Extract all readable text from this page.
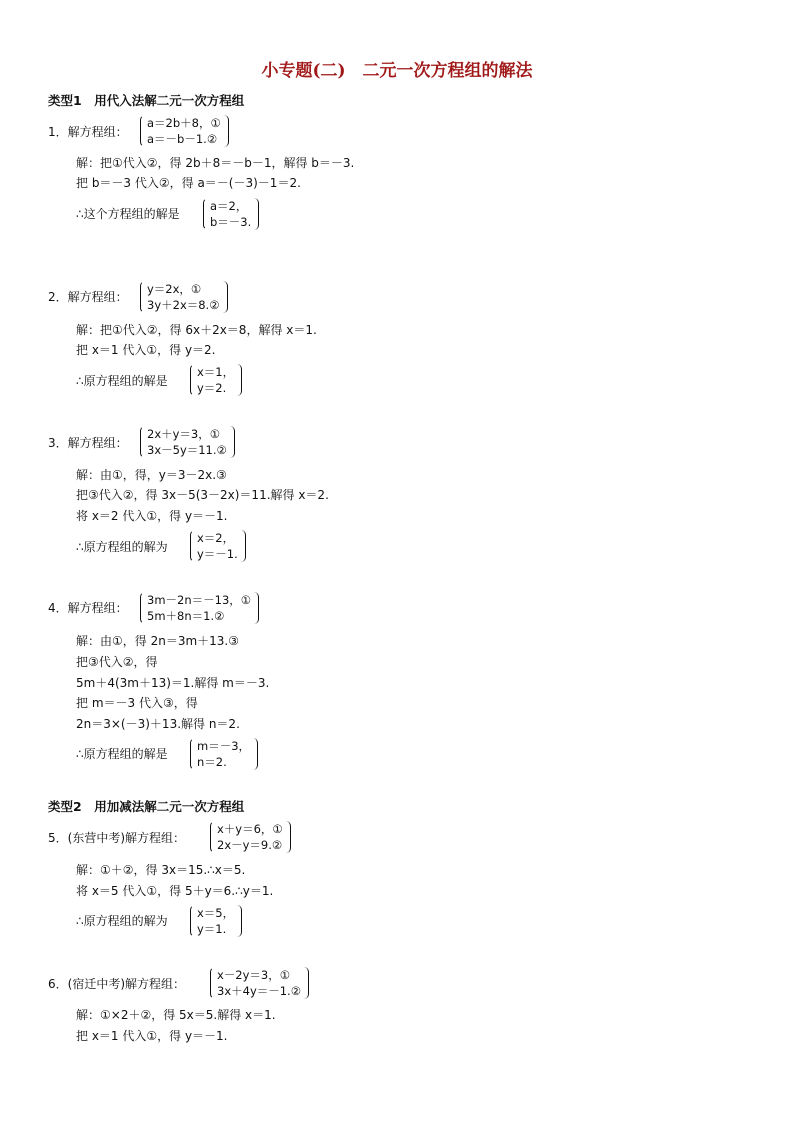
小专题(二)　二元一次方程组的解法
类型1　用代入法解二元一次方程组
1．解方程组：
a＝2b＋8，①
a＝－b－1.②
解：把①代入②，得 2b＋8＝－b－1，解得 b＝－3.
把 b＝－3 代入②，得 a＝－(－3)－1＝2.
∴这个方程组的解是
a＝2，
b＝－3.
2．解方程组：
y＝2x，①
3y＋2x＝8.②
解：把①代入②，得 6x＋2x＝8，解得 x＝1.
把 x＝1 代入①，得 y＝2.
∴原方程组的解是
x＝1，
y＝2.
3．解方程组：
2x＋y＝3，①
3x－5y＝11.②
解：由①，得，y＝3－2x.③
把③代入②，得 3x－5(3－2x)＝11.解得 x＝2.
将 x＝2 代入①，得 y＝－1.
∴原方程组的解为
x＝2，
y＝－1.
4．解方程组：
3m－2n＝－13，①
5m＋8n＝1.②
解：由①，得 2n＝3m＋13.③
把③代入②，得
5m＋4(3m＋13)＝1.解得 m＝－3.
把 m＝－3 代入③，得
2n＝3×(－3)＋13.解得 n＝2.
∴原方程组的解是
m＝－3，
n＝2.
类型2　用加减法解二元一次方程组
5．(东营中考)解方程组：
x＋y＝6，①
2x－y＝9.②
解：①＋②，得 3x＝15.∴x＝5.
将 x＝5 代入①，得 5＋y＝6.∴y＝1.
∴原方程组的解为
x＝5，
y＝1.
6．(宿迁中考)解方程组：
x－2y＝3，①
3x＋4y＝－1.②
解：①×2＋②，得 5x＝5.解得 x＝1.
把 x＝1 代入①，得 y＝－1.
